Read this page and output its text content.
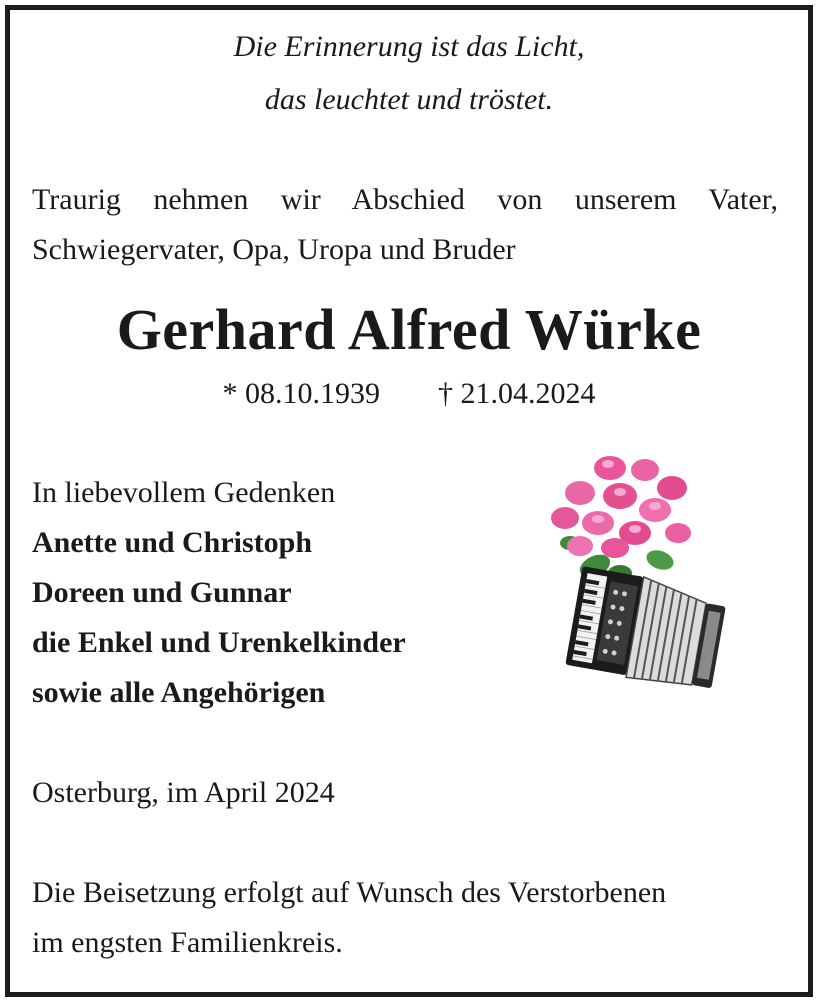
Die Erinnerung ist das Licht,
das leuchtet und tröstet.
Traurig nehmen wir Abschied von unserem Vater,
Schwiegervater, Opa, Uropa und Bruder
Gerhard Alfred Würke
* 08.10.1939 † 21.04.2024
In liebevollem Gedenken
Anette und Christoph
Doreen und Gunnar
die Enkel und Urenkelkinder
sowie alle Angehörigen
Osterburg, im April 2024
Die Beisetzung erfolgt auf Wunsch des Verstorbenen
im engsten Familienkreis.
